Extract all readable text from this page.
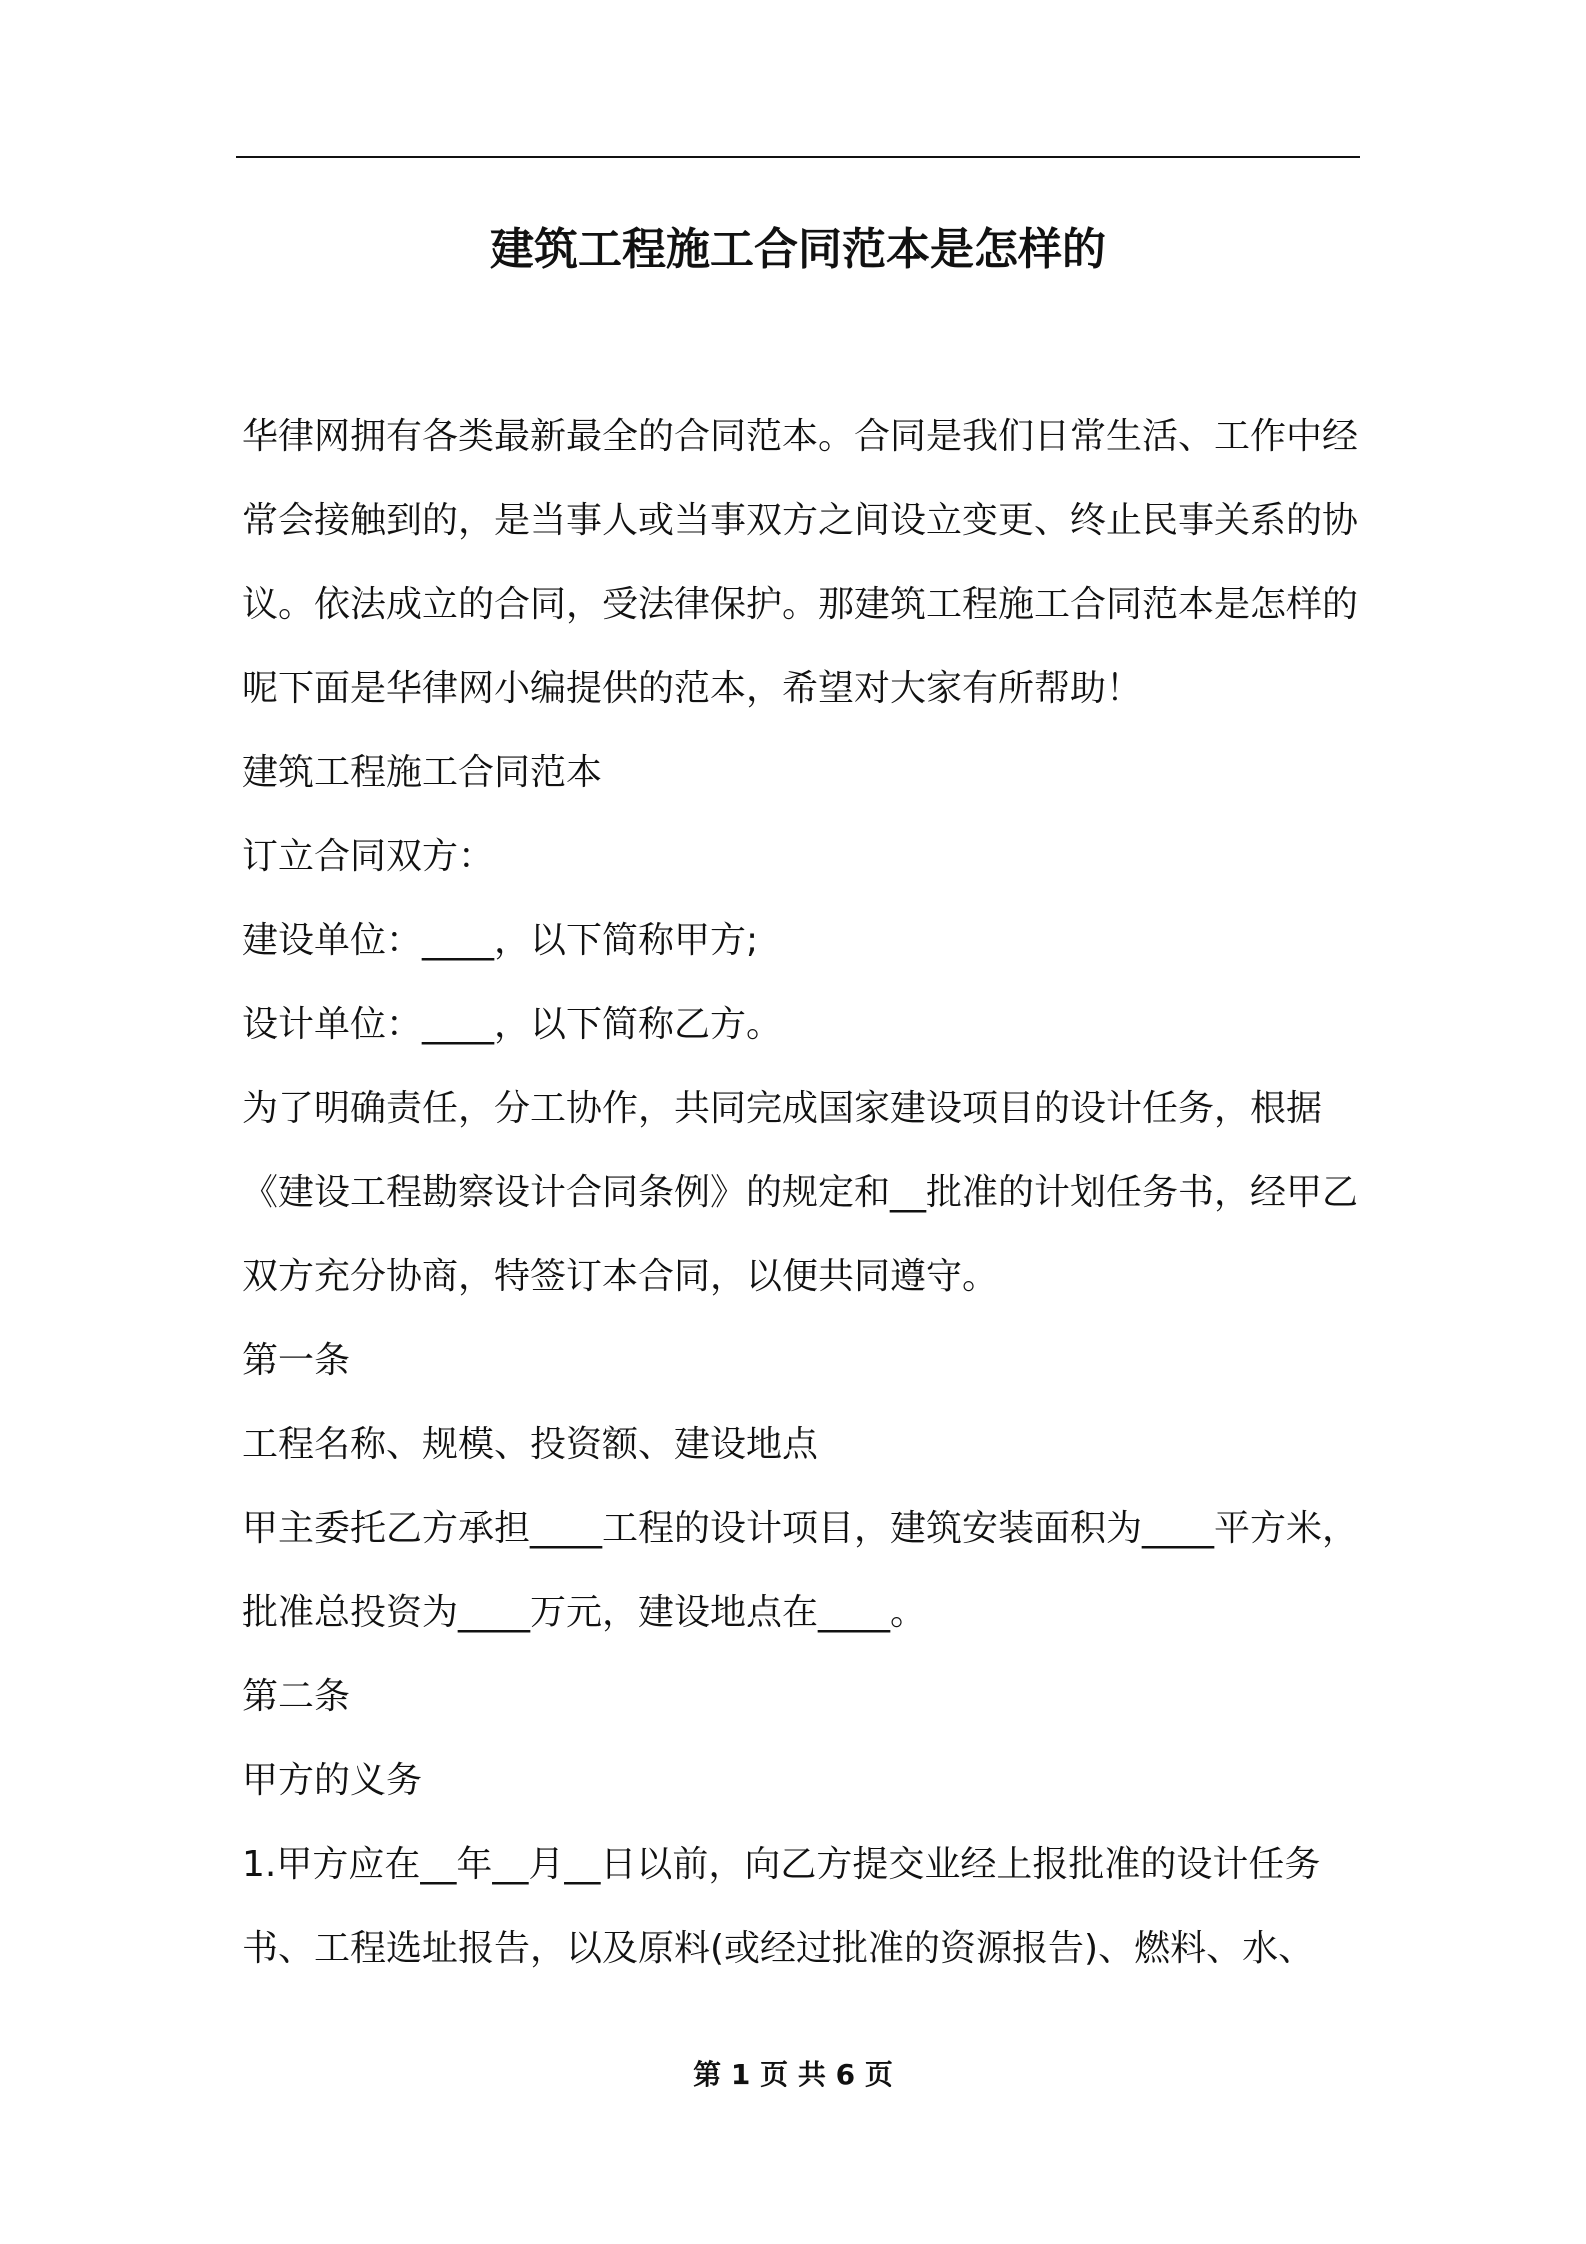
建筑工程施工合同范本是怎样的

华律网拥有各类最新最全的合同范本。合同是我们日常生活、工作中经常会接触到的，是当事人或当事双方之间设立变更、终止民事关系的协议。依法成立的合同，受法律保护。那建筑工程施工合同范本是怎样的呢下面是华律网小编提供的范本，希望对大家有所帮助！

建筑工程施工合同范本

订立合同双方：

建设单位：____，以下简称甲方;

设计单位：____，以下简称乙方。

为了明确责任，分工协作，共同完成国家建设项目的设计任务，根据《建设工程勘察设计合同条例》的规定和__批准的计划任务书，经甲乙双方充分协商，特签订本合同，以便共同遵守。

第一条

工程名称、规模、投资额、建设地点

甲主委托乙方承担____工程的设计项目，建筑安装面积为____平方米，批准总投资为____万元，建设地点在____。

第二条

甲方的义务

1.甲方应在__年__月__日以前，向乙方提交业经上报批准的设计任务书、工程选址报告，以及原料(或经过批准的资源报告)、燃料、水、

第 1 页 共 6 页
